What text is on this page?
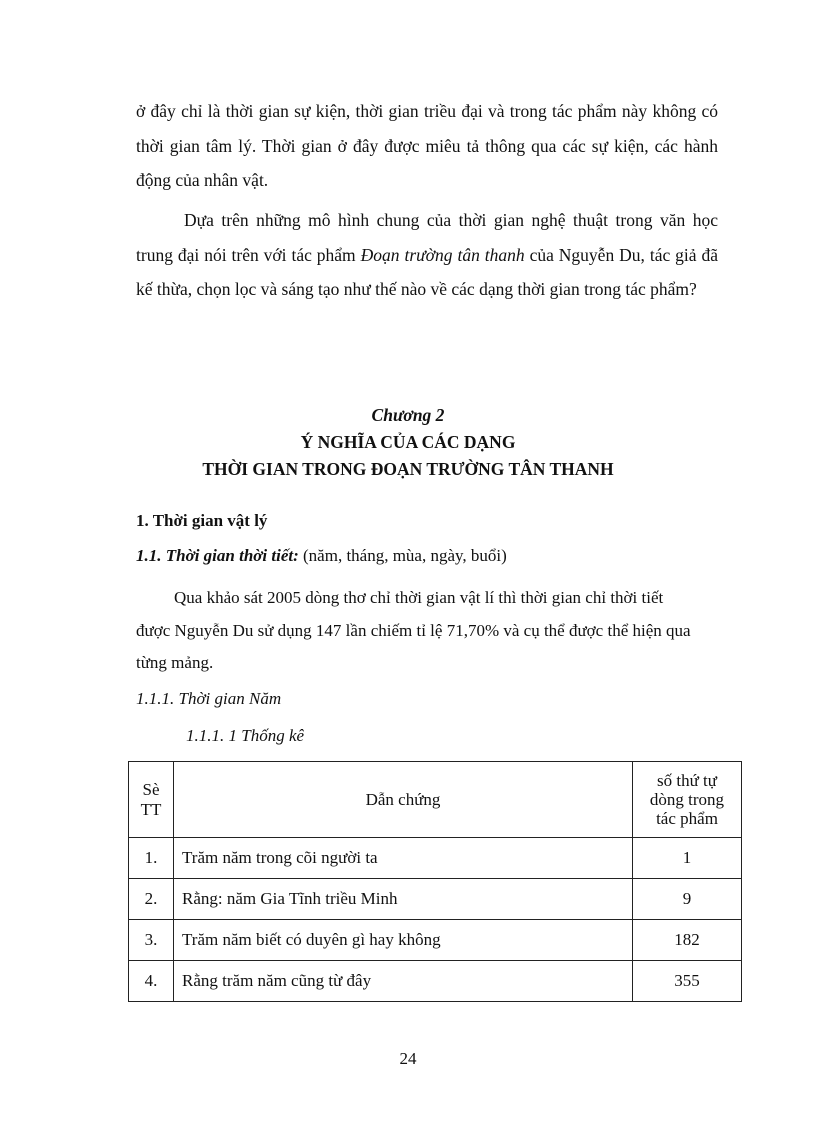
ở đây chỉ là thời gian sự kiện, thời gian triều đại và trong tác phẩm này không có thời gian tâm lý. Thời gian ở đây được miêu tả thông qua các sự kiện, các hành động của nhân vật.

Dựa trên những mô hình chung của thời gian nghệ thuật trong văn học trung đại nói trên với tác phẩm Đoạn trường tân thanh của Nguyễn Du, tác giả đã kế thừa, chọn lọc và sáng tạo như thế nào về các dạng thời gian trong tác phẩm?

Chương 2

Ý NGHĨA CỦA CÁC DẠNG

THỜI GIAN TRONG ĐOẠN TRƯỜNG TÂN THANH

1. Thời gian vật lý

1.1. Thời gian thời tiết: (năm, tháng, mùa, ngày, buổi)

Qua khảo sát 2005 dòng thơ chỉ thời gian vật lí thì thời gian chỉ thời tiết được Nguyễn Du sử dụng 147 lần chiếm tỉ lệ 71,70% và cụ thể được thể hiện qua từng mảng.

1.1.1. Thời gian Năm

1.1.1. 1 Thống kê

Sè TT	Dẫn chứng	số thứ tự dòng trong tác phẩm
1.	Trăm năm trong cõi người ta	1
2.	Rằng: năm Gia Tĩnh triều Minh	9
3.	Trăm năm biết có duyên gì hay không	182
4.	Rằng trăm năm cũng từ đây	355

24
